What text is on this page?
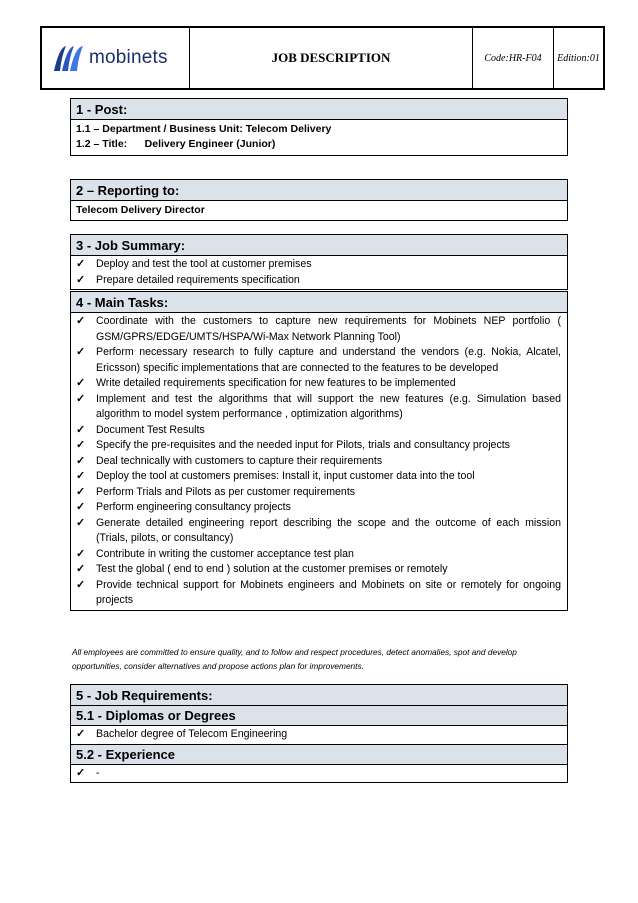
mobinets	JOB DESCRIPTION	Code:HR-F04	Edition:01
1 - Post:
1.1 – Department / Business Unit: Telecom Delivery
1.2 – Title:      Delivery Engineer (Junior)
2 – Reporting to:
Telecom Delivery Director
3 - Job Summary:
✓ Deploy and test the tool at customer premises
✓ Prepare detailed requirements specification
4 - Main Tasks:
✓ Coordinate with the customers to capture new requirements for Mobinets NEP portfolio ( GSM/GPRS/EDGE/UMTS/HSPA/Wi-Max Network Planning Tool)
✓ Perform necessary research to fully capture and understand the vendors (e.g. Nokia, Alcatel, Ericsson) specific implementations that are connected to the features to be developed
✓ Write detailed requirements specification for new features to be implemented
✓ Implement and test the algorithms that will support the new features (e.g. Simulation based algorithm to model system performance , optimization algorithms)
✓ Document Test Results
✓ Specify the pre-requisites and the needed input for Pilots, trials and consultancy projects
✓ Deal technically with customers to capture their requirements
✓ Deploy the tool at customers premises: Install it, input customer data into the tool
✓ Perform Trials and Pilots as per customer requirements
✓ Perform engineering consultancy projects
✓ Generate detailed engineering report describing the scope and the outcome of each mission (Trials, pilots, or consultancy)
✓ Contribute in writing the customer acceptance test plan
✓ Test the global ( end to end ) solution at the customer premises or remotely
✓ Provide technical support for Mobinets engineers and Mobinets on site or remotely for ongoing projects
All employees are committed to ensure quality, and to follow and respect procedures, detect anomalies, spot and develop opportunities, consider alternatives and propose actions plan for improvements.
5 - Job Requirements:
5.1 - Diplomas or Degrees
✓ Bachelor degree of Telecom Engineering
5.2 - Experience
✓ -
